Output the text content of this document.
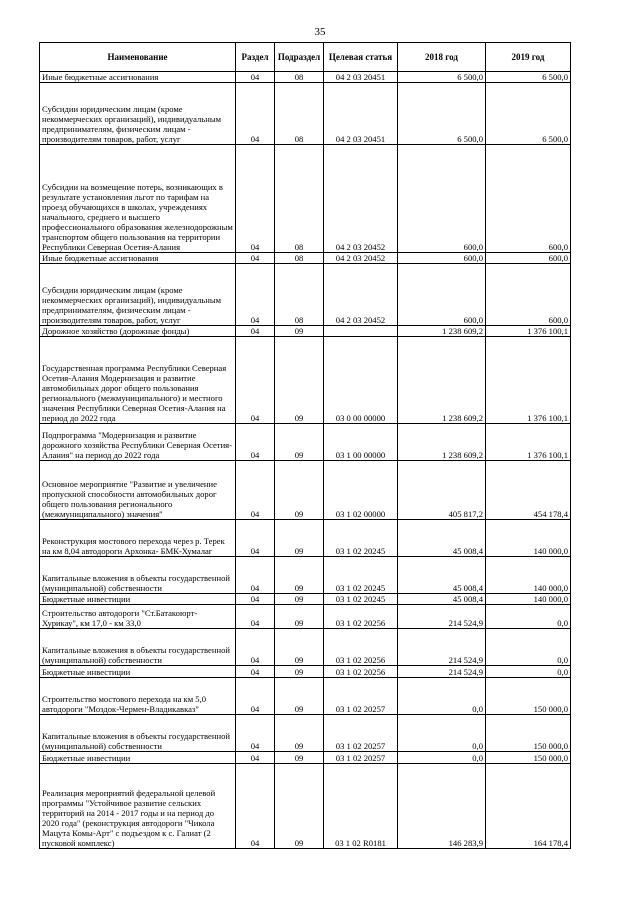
35
Наименование	Раздел	Подраздел	Целевая статья	2018 год	2019 год
Иные бюджетные ассигнования	04	08	04 2 03 20451	6 500,0	6 500,0
Субсидии юридическим лицам (кроме некоммерческих организаций), индивидуальным предпринимателям, физическим лицам - производителям товаров, работ, услуг	04	08	04 2 03 20451	6 500,0	6 500,0
Субсидии на возмещение потерь, возникающих в результате установления льгот по тарифам на проезд обучающихся в школах, учреждениях начального, среднего и высшего профессионального образования железнодорожным транспортом общего пользования на территории Республики Северная Осетия-Алания	04	08	04 2 03 20452	600,0	600,0
Иные бюджетные ассигнования	04	08	04 2 03 20452	600,0	600,0
Субсидии юридическим лицам (кроме некоммерческих организаций), индивидуальным предпринимателям, физическим лицам - производителям товаров, работ, услуг	04	08	04 2 03 20452	600,0	600,0
Дорожное хозяйство (дорожные фонды)	04	09		1 238 609,2	1 376 100,1
Государственная программа Республики Северная Осетия-Алания Модернизация и развитие автомобильных дорог общего пользования регионального (межмуниципального) и местного значения Республики Северная Осетия-Алания на период до 2022 года	04	09	03 0 00 00000	1 238 609,2	1 376 100,1
Подпрограмма "Модернизация и развитие дорожного хозяйства Республики Северная Осетия-Алания" на период до 2022 года	04	09	03 1 00 00000	1 238 609,2	1 376 100,1
Основное мероприятие "Развитие и увеличение пропускной способности автомобильных дорог общего пользования регионального (межмуниципального) значения"	04	09	03 1 02 00000	405 817,2	454 178,4
Реконструкция мостового перехода через р. Терек на км 8,04 автодороги Архонка- БМК-Хумалаг	04	09	03 1 02 20245	45 008,4	140 000,0
Капитальные вложения в объекты государственной (муниципальной) собственности	04	09	03 1 02 20245	45 008,4	140 000,0
Бюджетные инвестиции	04	09	03 1 02 20245	45 008,4	140 000,0
Строительство автодороги "Ст.Батакоюрт-Хурикау", км 17,0 - км 33,0	04	09	03 1 02 20256	214 524,9	0,0
Капитальные вложения в объекты государственной (муниципальной) собственности	04	09	03 1 02 20256	214 524,9	0,0
Бюджетные инвестиции	04	09	03 1 02 20256	214 524,9	0,0
Строительство мостового перехода на км 5,0 автодороги "Моздок-Чермен-Владикавказ"	04	09	03 1 02 20257	0,0	150 000,0
Капитальные вложения в объекты государственной (муниципальной) собственности	04	09	03 1 02 20257	0,0	150 000,0
Бюджетные инвестиции	04	09	03 1 02 20257	0,0	150 000,0
Реализация мероприятий федеральной целевой программы "Устойчивое развитие сельских территорий на 2014 - 2017 годы и на период до 2020 года" (реконструкция автодороги "Чикола Мацута Комы-Арт" с подъездом к с. Галиат (2 пусковой комплекс)	04	09	03 1 02 R0181	146 283,9	164 178,4
